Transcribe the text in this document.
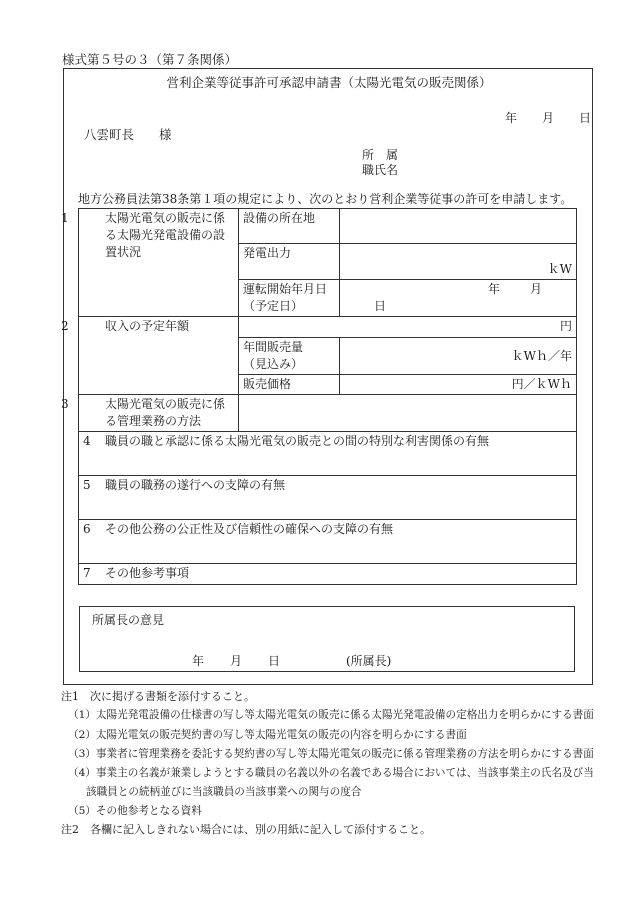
様式第５号の３（第７条関係）
営利企業等従事許可承認申請書（太陽光電気の販売関係）
年 月 日
八雲町長　　様
所　属
職氏名
地方公務員法第38条第１項の規定により、次のとおり営利企業等従事の許可を申請します。
1 太陽光電気の販売に係る太陽光発電設備の設置状況	設備の所在地	
	発電出力	ｋW

	運転開始年月日
（予定日）	年 月日
2 収入の予定年額	円	

	年間販売量
（見込み）	ｋWｈ／年
	販売価格	円／ｋWｈ
3 太陽光電気の販売に係る管理業務の方法		
4 職員の職と承認に係る太陽光電気の販売との間の特別な利害関係の有無		
5 職員の職務の遂行への支障の有無		
6 その他公務の公正性及び信頼性の確保への支障の有無		
7 その他参考事項		
所属長の意見
年 月 日	(所属長)
注1　次に掲げる書類を添付すること。
（1）太陽光発電設備の仕様書の写し等太陽光電気の販売に係る太陽光発電設備の定格出力を明らかにする書面
（2）太陽光電気の販売契約書の写し等太陽光電気の販売の内容を明らかにする書面
（3）事業者に管理業務を委託する契約書の写し等太陽光電気の販売に係る管理業務の方法を明らかにする書面
（4）事業主の名義が兼業しようとする職員の名義以外の名義である場合においては、当該事業主の氏名及び当
該職員との続柄並びに当該職員の当該事業への関与の度合
（5）その他参考となる資料
注2　各欄に記入しきれない場合には、別の用紙に記入して添付すること。
